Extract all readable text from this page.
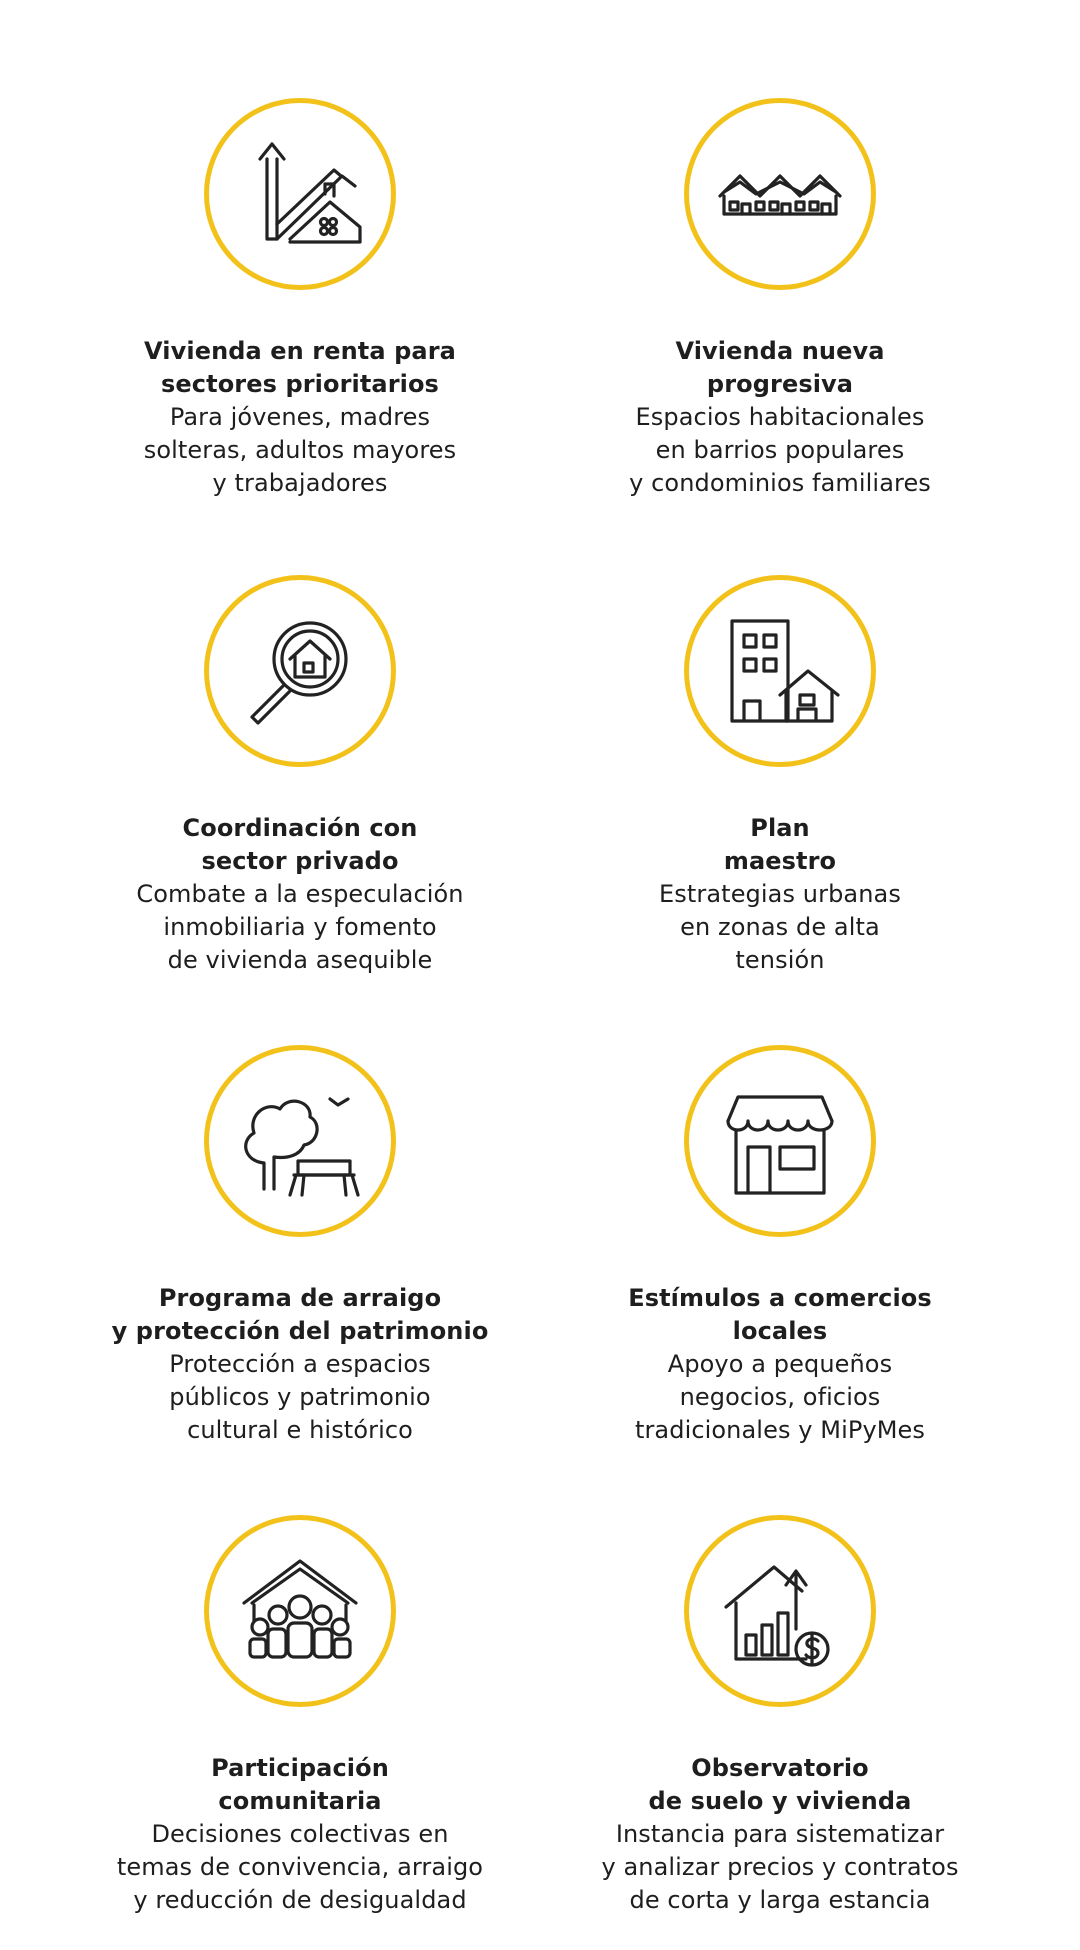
Vivienda en renta para
sectores prioritarios

Para jóvenes, madres
solteras, adultos mayores
y trabajadores

Vivienda nueva
progresiva

Espacios habitacionales
en barrios populares
y condominios familiares

Coordinación con
sector privado

Combate a la especulación
inmobiliaria y fomento
de vivienda asequible

Plan
maestro

Estrategias urbanas
en zonas de alta
tensión

Programa de arraigo
y protección del patrimonio

Protección a espacios
públicos y patrimonio
cultural e histórico

Estímulos a comercios
locales

Apoyo a pequeños
negocios, oficios
tradicionales y MiPyMes

Participación
comunitaria

Decisiones colectivas en
temas de convivencia, arraigo
y reducción de desigualdad

Observatorio
de suelo y vivienda

Instancia para sistematizar
y analizar precios y contratos
de corta y larga estancia
